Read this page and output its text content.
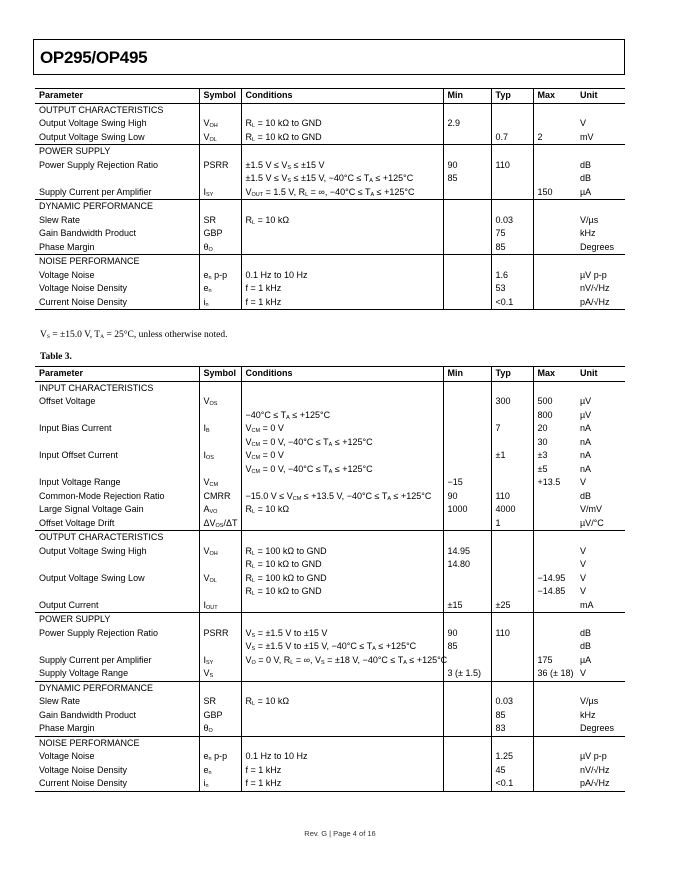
OP295/OP495
Parameter	Symbol	Conditions	Min	Typ	Max	Unit
OUTPUT CHARACTERISTICS						
Output Voltage Swing High	$V_{OH}$	$R_L = 10$ kΩ to GND	2.9			V
Output Voltage Swing Low	$V_{OL}$	$R_L = 10$ kΩ to GND		0.7	2	mV
POWER SUPPLY						
Power Supply Rejection Ratio	PSRR	±1.5 $V \le V_S \le \pm 15$ V	90	110		dB
		±1.5 $V \le V_S \le \pm 15$ V, $-40^\circ C \le T_A \le +125^\circ C$	85			dB
Supply Current per Amplifier	$I_{SY}$	$V_{OUT} = 1.5$ V, $R_L$ = ∞, $-40^\circ C \le T_A \le +125^\circ C$			150	µA
DYNAMIC PERFORMANCE						
Slew Rate	SR	$R_L = 10$ kΩ		0.03		V/µs
Gain Bandwidth Product	GBP			75		kHz
Phase Margin	$\theta_O$			85		Degrees
NOISE PERFORMANCE						
Voltage Noise	$e_n$ p-p	0.1 Hz to 10 Hz		1.6		µV p-p
Voltage Noise Density	$e_n$	f = 1 kHz		53		nV/√Hz
Current Noise Density	$i_n$	f = 1 kHz		<0.1		pA/√Hz
$V_S = \pm 15.0$ V, $T_A = 25^\circ C$, unless otherwise noted.
Table 3.
Parameter	Symbol	Conditions	Min	Typ	Max	Unit
INPUT CHARACTERISTICS						
Offset Voltage	$V_{OS}$			300	500	µV
		$-40^\circ C \le T_A \le +125^\circ C$			800	µV
Input Bias Current	$I_B$	$V_{CM} = 0$ V		7	20	nA
		$V_{CM} = 0$ V, $-40^\circ C \le T_A \le +125^\circ C$			30	nA
Input Offset Current	$I_{OS}$	$V_{CM} = 0$ V		±1	±3	nA
		$V_{CM} = 0$ V, $-40^\circ C \le T_A \le +125^\circ C$			±5	nA
Input Voltage Range	$V_{CM}$		−15		+13.5	V
Common-Mode Rejection Ratio	CMRR	−15.0 $V \le V_{CM} \le +13.5$ V, $-40^\circ C \le T_A \le +125^\circ C$	90	110		dB
Large Signal Voltage Gain	$A_{VO}$	$R_L = 10$ kΩ	1000	4000		V/mV
Offset Voltage Drift	$\Delta V_{OS}/\Delta T$			1		µV/°C
OUTPUT CHARACTERISTICS						
Output Voltage Swing High	$V_{OH}$	$R_L = 100$ kΩ to GND	14.95			V
		$R_L = 10$ kΩ to GND	14.80			V
Output Voltage Swing Low	$V_{OL}$	$R_L = 100$ kΩ to GND			−14.95	V
		$R_L = 10$ kΩ to GND			−14.85	V
Output Current	$I_{OUT}$		±15	±25		mA
POWER SUPPLY						
Power Supply Rejection Ratio	PSRR	$V_S = \pm 1.5$ V to ±15 V	90	110		dB
		$V_S = \pm 1.5$ V to ±15 V, $-40^\circ C \le T_A \le +125^\circ C$	85			dB
Supply Current per Amplifier	$I_{SY}$	$V_O = 0$ V, $R_L$ = ∞, $V_S = \pm 18$ V, $-40^\circ C \le T_A \le +125^\circ C$			175	µA
Supply Voltage Range	$V_S$		3 (± 1.5)		36 (± 18)	V
DYNAMIC PERFORMANCE						
Slew Rate	SR	$R_L = 10$ kΩ		0.03		V/µs
Gain Bandwidth Product	GBP			85		kHz
Phase Margin	$\theta_O$			83		Degrees
NOISE PERFORMANCE						
Voltage Noise	$e_n$ p-p	0.1 Hz to 10 Hz		1.25		µV p-p
Voltage Noise Density	$e_n$	f = 1 kHz		45		nV/√Hz
Current Noise Density	$i_n$	f = 1 kHz		<0.1		pA/√Hz
Rev. G | Page 4 of 16
